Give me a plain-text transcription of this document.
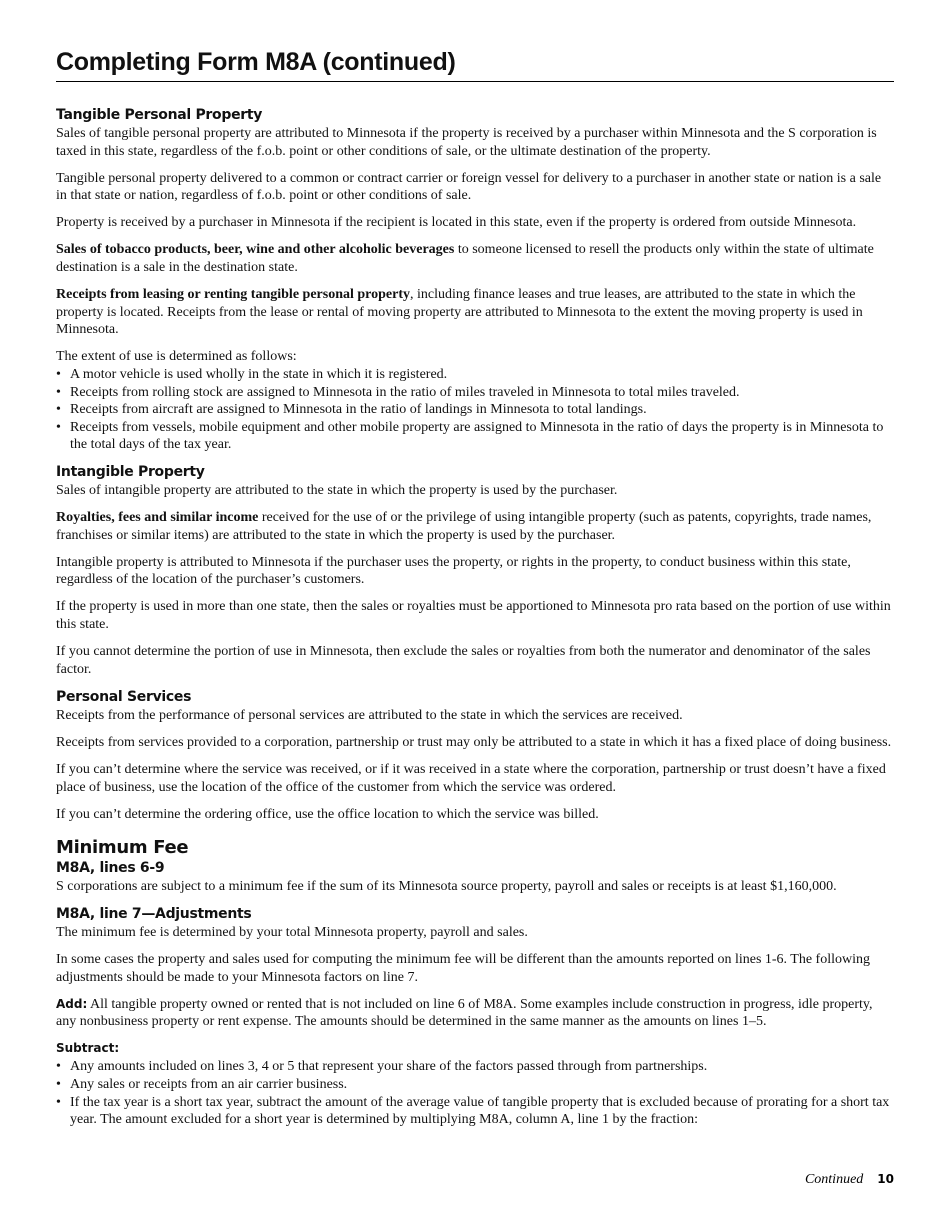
Completing Form M8A (continued)
Tangible Personal Property

Sales of tangible personal property are attributed to Minnesota if the property is received by a purchaser within Minnesota and the S corporation is taxed in this state, regardless of the f.o.b. point or other conditions of sale, or the ultimate destination of the property.

Tangible personal property delivered to a common or contract carrier or foreign vessel for delivery to a purchaser in another state or nation is a sale in that state or nation, regardless of f.o.b. point or other conditions of sale.

Property is received by a purchaser in Minnesota if the recipient is located in this state, even if the property is ordered from outside Minnesota.

Sales of tobacco products, beer, wine and other alcoholic beverages to someone licensed to resell the products only within the state of ultimate destination is a sale in the destination state.

Receipts from leasing or renting tangible personal property, including finance leases and true leases, are attributed to the state in which the property is located. Receipts from the lease or rental of moving property are attributed to Minnesota to the extent the moving property is used in Minnesota.

The extent of use is determined as follows:

• A motor vehicle is used wholly in the state in which it is registered.
• Receipts from rolling stock are assigned to Minnesota in the ratio of miles traveled in Minnesota to total miles traveled.
• Receipts from aircraft are assigned to Minnesota in the ratio of landings in Minnesota to total landings.
• Receipts from vessels, mobile equipment and other mobile property are assigned to Minnesota in the ratio of days the property is in Minnesota to the total days of the tax year.
Intangible Property

Sales of intangible property are attributed to the state in which the property is used by the purchaser.

Royalties, fees and similar income received for the use of or the privilege of using intangible property (such as patents, copyrights, trade names, franchises or similar items) are attributed to the state in which the property is used by the purchaser.

Intangible property is attributed to Minnesota if the purchaser uses the property, or rights in the property, to conduct business within this state, regardless of the location of the purchaser’s customers.

If the property is used in more than one state, then the sales or royalties must be apportioned to Minnesota pro rata based on the portion of use within this state.

If you cannot determine the portion of use in Minnesota, then exclude the sales or royalties from both the numerator and denominator of the sales factor.

Personal Services

Receipts from the performance of personal services are attributed to the state in which the services are received.

Receipts from services provided to a corporation, partnership or trust may only be attributed to a state in which it has a fixed place of doing business.

If you can’t determine where the service was received, or if it was received in a state where the corporation, partnership or trust doesn’t have a fixed place of business, use the location of the office of the customer from which the service was ordered.

If you can’t determine the ordering office, use the office location to which the service was billed.

Minimum Fee
M8A, lines 6-9

S corporations are subject to a minimum fee if the sum of its Minnesota source property, payroll and sales or receipts is at least $1,160,000.

M8A, line 7—Adjustments

The minimum fee is determined by your total Minnesota property, payroll and sales.

In some cases the property and sales used for computing the minimum fee will be different than the amounts reported on lines 1-6. The following adjustments should be made to your Minnesota factors on line 7.

Add: All tangible property owned or rented that is not included on line 6 of M8A. Some examples include construction in progress, idle property, any nonbusiness property or rent expense. The amounts should be determined in the same manner as the amounts on lines 1–5.

Subtract:
• Any amounts included on lines 3, 4 or 5 that represent your share of the factors passed through from partnerships.
• Any sales or receipts from an air carrier business.
• If the tax year is a short tax year, subtract the amount of the average value of tangible property that is excluded because of prorating for a short tax year. The amount excluded for a short year is determined by multiplying M8A, column A, line 1 by the fraction:
Continued 10
